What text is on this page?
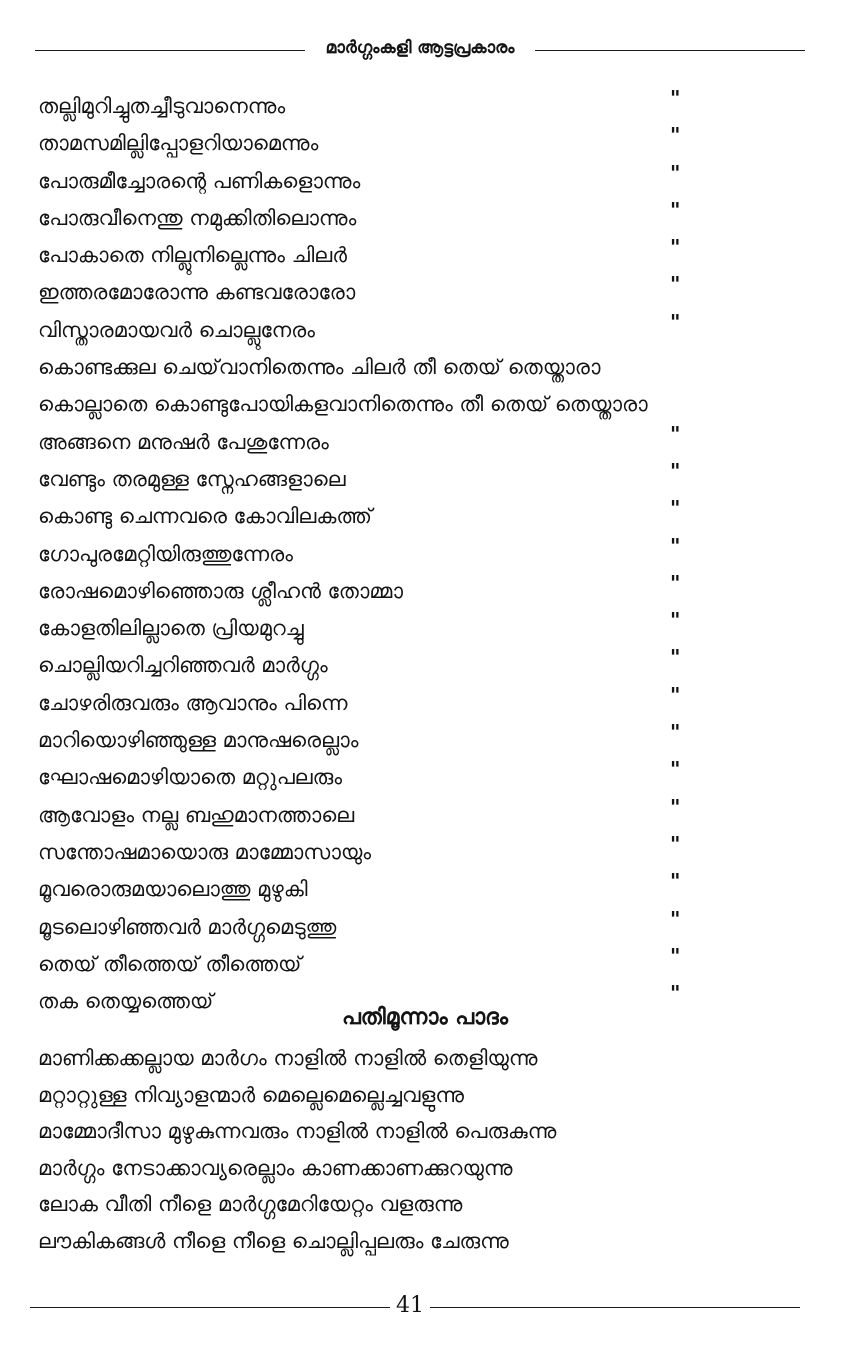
മാർഗ്ഗംകളി ആട്ടപ്രകാരം
തല്ലിമുറിച്ചുതച്ചീടുവാനെന്നും	"
താമസമില്ലിപ്പോളറിയാമെന്നും	"
പോരുമീച്ചോരന്റെ പണികളൊന്നും	"
പോരുവീനെന്തു നമുക്കിതിലൊന്നും	"
പോകാതെ നില്ലുനില്ലെന്നും ചിലർ	"
ഇത്തരമോരോന്നു കണ്ടവരോരോ	"
വിസ്താരമായവർ ചൊല്ലുനേരം	"
കൊണ്ടക്കുല ചെയ്‌വാനിതെന്നും ചിലർ തീ തെയ് തെയ്താരാ
കൊല്ലാതെ കൊണ്ടുപോയികളവാനിതെന്നും തീ തെയ് തെയ്താരാ
അങ്ങനെ മനുഷർ പേശുന്നേരം	"
വേണ്ടും തരമുള്ള സ്നേഹങ്ങളാലെ	"
കൊണ്ടു ചെന്നവരെ കോവിലകത്ത്	"
ഗോപുരമേറ്റിയിരുത്തുന്നേരം	"
രോഷമൊഴിഞ്ഞൊരു ശ്ലീഹൻ തോമ്മാ	"
കോളതിലില്ലാതെ പ്രിയമുറച്ചു	"
ചൊല്ലിയറിച്ചറിഞ്ഞവർ മാർഗ്ഗം	"
ചോഴരിരുവരും ആവാനും പിന്നെ	"
മാറിയൊഴിഞ്ഞുള്ള മാനുഷരെല്ലാം	"
ഘോഷമൊഴിയാതെ മറ്റുപലരും	"
ആവോളം നല്ല ബഹുമാനത്താലെ	"
സന്തോഷമായൊരു മാമ്മോസായും	"
മൂവരൊരുമയാലൊത്തു മുഴുകി	"
മൂടലൊഴിഞ്ഞവർ മാർഗ്ഗമെടുത്തു	"
തെയ് തീത്തെയ് തീത്തെയ്	"
തക തെയ്യത്തെയ്	"
പതിമൂന്നാം പാദം
മാണിക്കക്കല്ലായ മാർഗം നാളിൽ നാളിൽ തെളിയുന്നു
മറ്റാറ്റുള്ള നിവ്യാളന്മാർ മെല്ലെമെല്ലെച്ചവളുന്നു
മാമ്മോദീസാ മുഴുകുന്നവരും നാളിൽ നാളിൽ പെരുകുന്നു
മാർഗ്ഗം നേടാക്കാവ്യരെല്ലാം കാണക്കാണക്കുറയുന്നു
ലോക വീതി നീളെ മാർഗ്ഗമേറിയേറ്റം വളരുന്നു
ലൗകികങ്ങൾ നീളെ നീളെ ചൊല്ലിപ്പലരും ചേരുന്നു
41
